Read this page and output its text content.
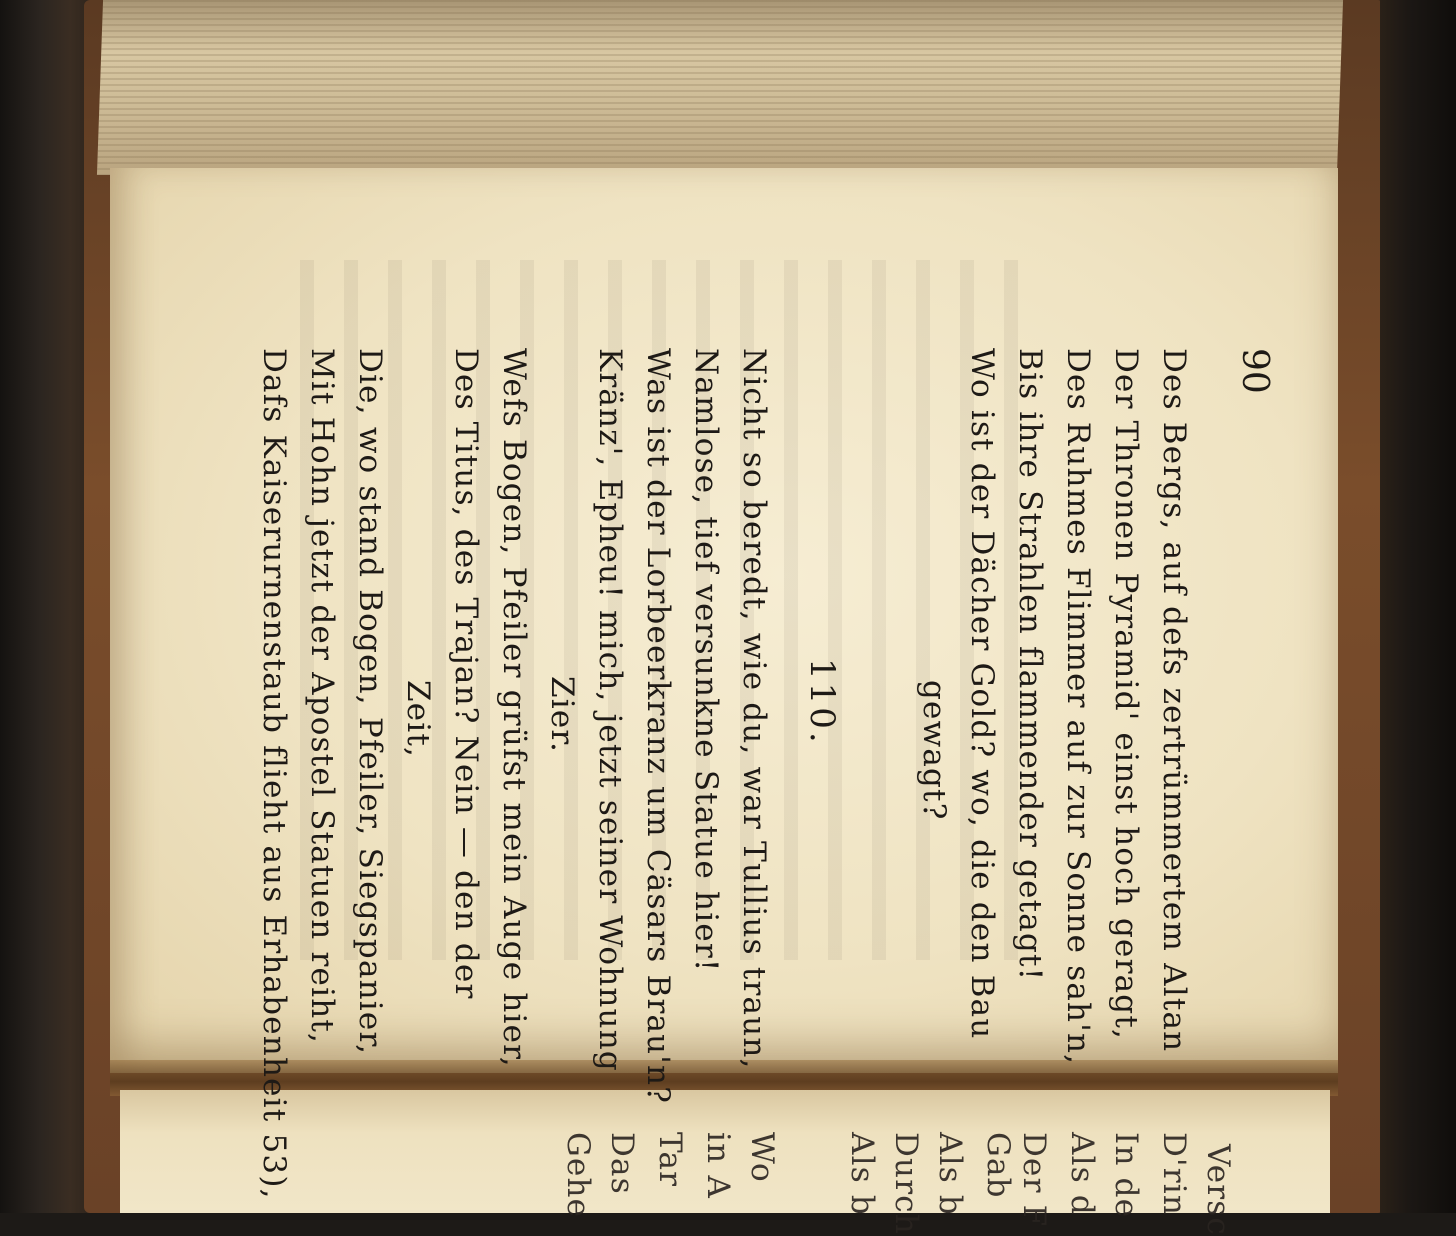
90
Des Bergs, auf defs zertrümmertem Altan
Der Thronen Pyramid' einst hoch geragt,
Des Ruhmes Flimmer auf zur Sonne sah'n,
Bis ihre Strahlen flammender getagt!
Wo ist der Dächer Gold? wo, die den Bau
gewagt?
110.
Nicht so beredt, wie du, war Tullius traun,
Namlose, tief versunkne Statue hier!
Was ist der Lorbeerkranz um Cäsars Brau'n?
Kränz', Epheu! mich, jetzt seiner Wohnung
Zier.
Wefs Bogen, Pfeiler grüfst mein Auge hier,
Des Titus, des Trajan? Nein — den der
Zeit,
Die, wo stand Bogen, Pfeiler, Siegspanier,
Mit Hohn jetzt der Apostel Statuen reiht,
Dafs Kaiserurnenstaub flieht aus Erhabenheit 53),	Versc
D'rin
In de
Als d
Der F
Gab
Als b
Durch
Als b
Wo
in A
Tar
Das
Gehe
